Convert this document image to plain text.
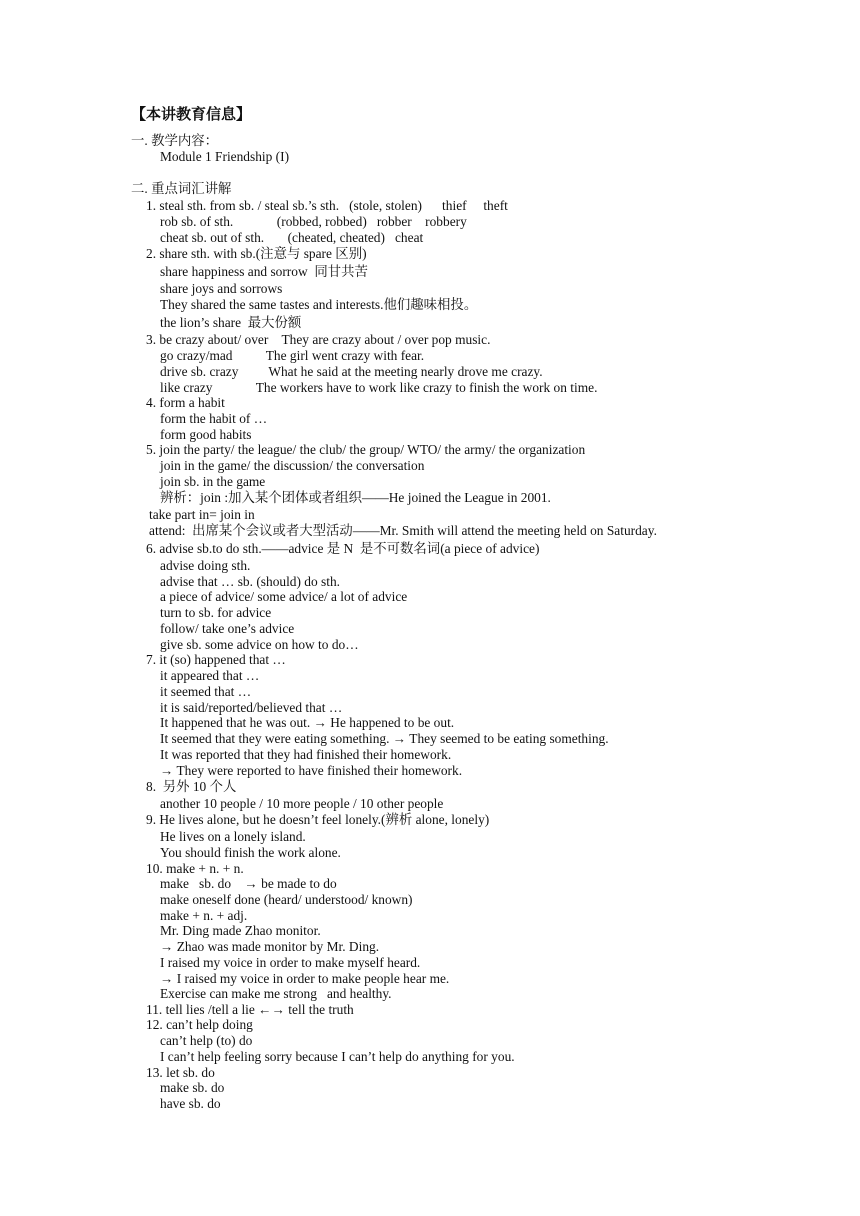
【本讲教育信息】
一. 教学内容：
Module 1 Friendship (I)
二. 重点词汇讲解
1. steal sth. from sb. / steal sb.’s sth.   (stole, stolen)      thief     theft
rob sb. of sth.             (robbed, robbed)   robber    robbery
cheat sb. out of sth.       (cheated, cheated)   cheat
2. share sth. with sb.(注意与 spare 区别)
share happiness and sorrow  同甘共苦
share joys and sorrows
They shared the same tastes and interests.他们趣味相投。
the lion’s share  最大份额
3. be crazy about/ over    They are crazy about / over pop music.
go crazy/mad          The girl went crazy with fear.
drive sb. crazy         What he said at the meeting nearly drove me crazy.
like crazy             The workers have to work like crazy to finish the work on time.
4. form a habit
form the habit of …
form good habits
5. join the party/ the league/ the club/ the group/ WTO/ the army/ the organization
join in the game/ the discussion/ the conversation
join sb. in the game
辨析：join :加入某个团体或者组织——He joined the League in 2001.
take part in= join in
attend:  出席某个会议或者大型活动——Mr. Smith will attend the meeting held on Saturday.
6. advise sb.to do sth.——advice 是 N  是不可数名词(a piece of advice)
advise doing sth.
advise that … sb. (should) do sth.
a piece of advice/ some advice/ a lot of advice
turn to sb. for advice
follow/ take one’s advice
give sb. some advice on how to do…
7. it (so) happened that …
it appeared that …
it seemed that …
it is said/reported/believed that …
It happened that he was out. → He happened to be out.
It seemed that they were eating something. → They seemed to be eating something.
It was reported that they had finished their homework.
→ They were reported to have finished their homework.
8.  另外 10 个人
another 10 people / 10 more people / 10 other people
9. He lives alone, but he doesn’t feel lonely.(辨析 alone, lonely)
He lives on a lonely island.
You should finish the work alone.
10. make + n. + n.
make   sb. do    → be made to do
make oneself done (heard/ understood/ known)
make + n. + adj.
Mr. Ding made Zhao monitor.
→ Zhao was made monitor by Mr. Ding.
I raised my voice in order to make myself heard.
→ I raised my voice in order to make people hear me.
Exercise can make me strong   and healthy.
11. tell lies /tell a lie ←→ tell the truth
12. can’t help doing
can’t help (to) do
I can’t help feeling sorry because I can’t help do anything for you.
13. let sb. do
make sb. do
have sb. do
